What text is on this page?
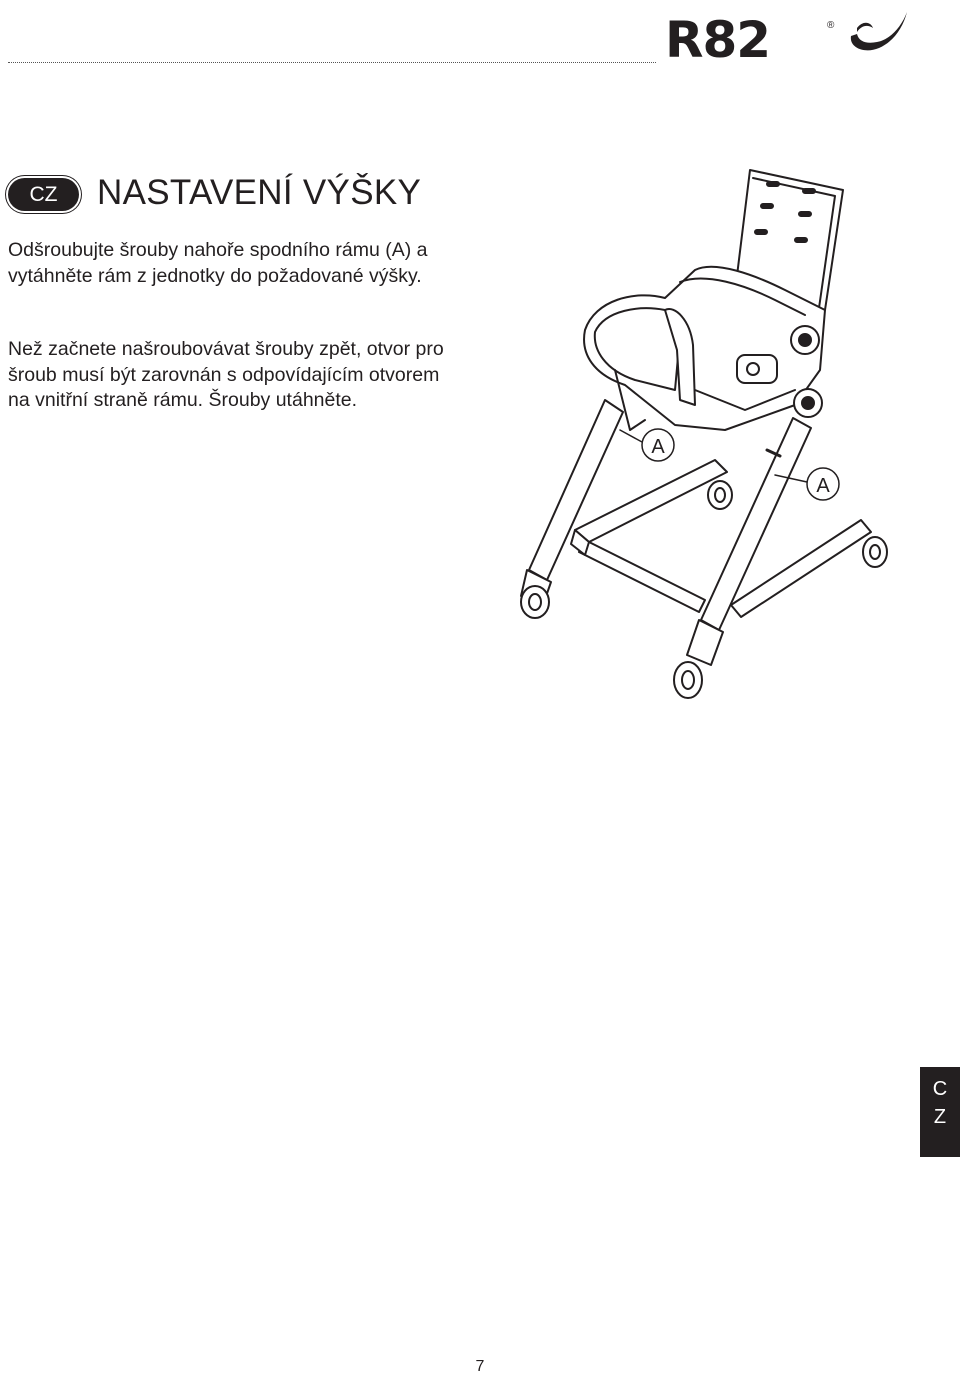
R82	®
CZ	NASTAVENÍ VÝŠKY

Odšroubujte šrouby nahoře spodního rámu (A) a vytáhněte rám z jednotky do požadované výšky.

Než začnete našroubovávat šrouby zpět, otvor pro šroub musí být zarovnán s odpovídajícím otvorem na vnitřní straně rámu. Šrouby utáhněte.

A
A
C
Z
7
